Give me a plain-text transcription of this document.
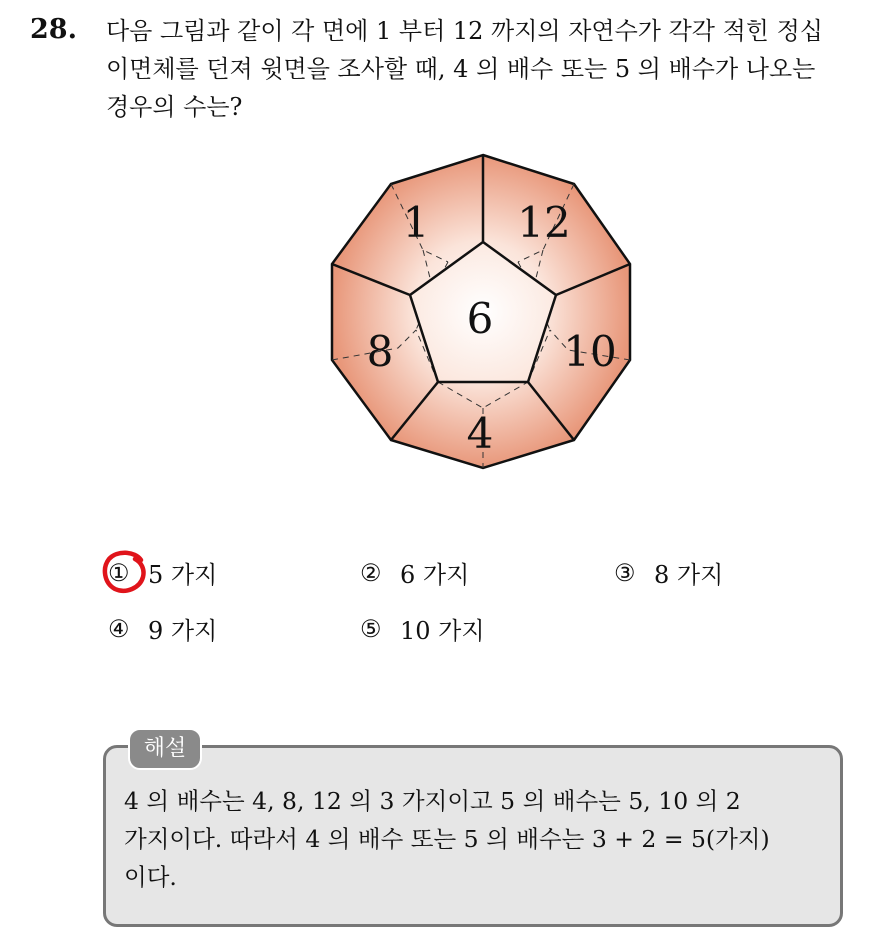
28. 다음 그림과 같이 각 면에 1 부터 12 까지의 자연수가 각각 적힌 정십
이면체를 던져 윗면을 조사할 때, 4 의 배수 또는 5 의 배수가 나오는
경우의 수는?
6
1 12
10
4
8
① 5 가지	② 6 가지	③ 8 가지
④ 9 가지	⑤ 10 가지
해설
4 의 배수는 4, 8, 12 의 3 가지이고 5 의 배수는 5, 10 의 2
가지이다. 따라서 4 의 배수 또는 5 의 배수는 3 + 2 = 5(가지)
이다.
